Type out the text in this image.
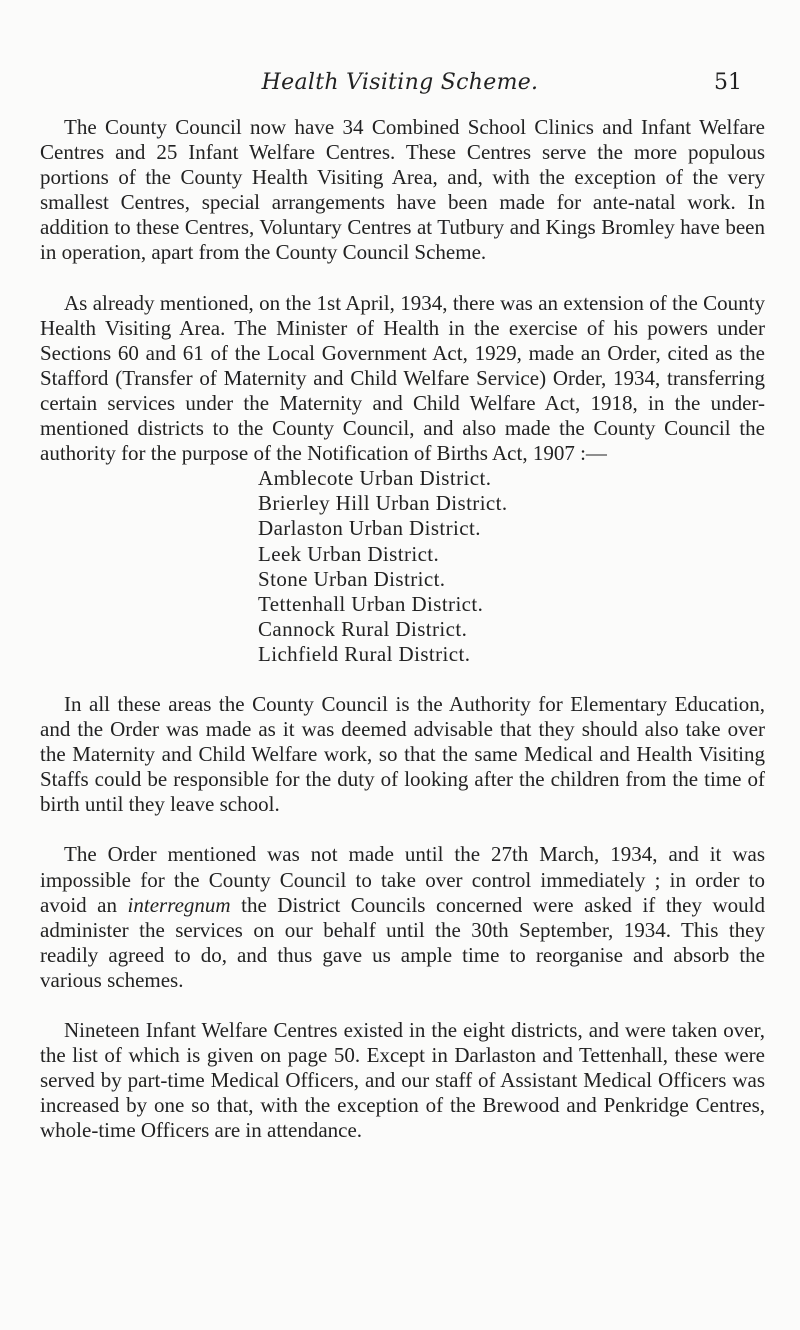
Health Visiting Scheme.	51

The County Council now have 34 Combined School Clinics and Infant Welfare Centres and 25 Infant Welfare Centres. These Centres serve the more populous portions of the County Health Visiting Area, and, with the exception of the very smallest Centres, special arrangements have been made for ante-natal work. In addition to these Centres, Voluntary Centres at Tutbury and Kings Bromley have been in operation, apart from the County Council Scheme.

As already mentioned, on the 1st April, 1934, there was an extension of the County Health Visiting Area. The Minister of Health in the exercise of his powers under Sections 60 and 61 of the Local Government Act, 1929, made an Order, cited as the Stafford (Transfer of Maternity and Child Welfare Service) Order, 1934, transferring certain services under the Maternity and Child Welfare Act, 1918, in the under-mentioned districts to the County Council, and also made the County Council the authority for the purpose of the Notification of Births Act, 1907 :—

Amblecote Urban District.
Brierley Hill Urban District.
Darlaston Urban District.
Leek Urban District.
Stone Urban District.
Tettenhall Urban District.
Cannock Rural District.
Lichfield Rural District.

In all these areas the County Council is the Authority for Elementary Education, and the Order was made as it was deemed advisable that they should also take over the Maternity and Child Welfare work, so that the same Medical and Health Visiting Staffs could be responsible for the duty of looking after the children from the time of birth until they leave school.

The Order mentioned was not made until the 27th March, 1934, and it was impossible for the County Council to take over control immediately ; in order to avoid an interregnum the District Councils concerned were asked if they would administer the services on our behalf until the 30th September, 1934. This they readily agreed to do, and thus gave us ample time to reorganise and absorb the various schemes.

Nineteen Infant Welfare Centres existed in the eight districts, and were taken over, the list of which is given on page 50. Except in Darlaston and Tettenhall, these were served by part-time Medical Officers, and our staff of Assistant Medical Officers was increased by one so that, with the exception of the Brewood and Penkridge Centres, whole-time Officers are in attendance.
